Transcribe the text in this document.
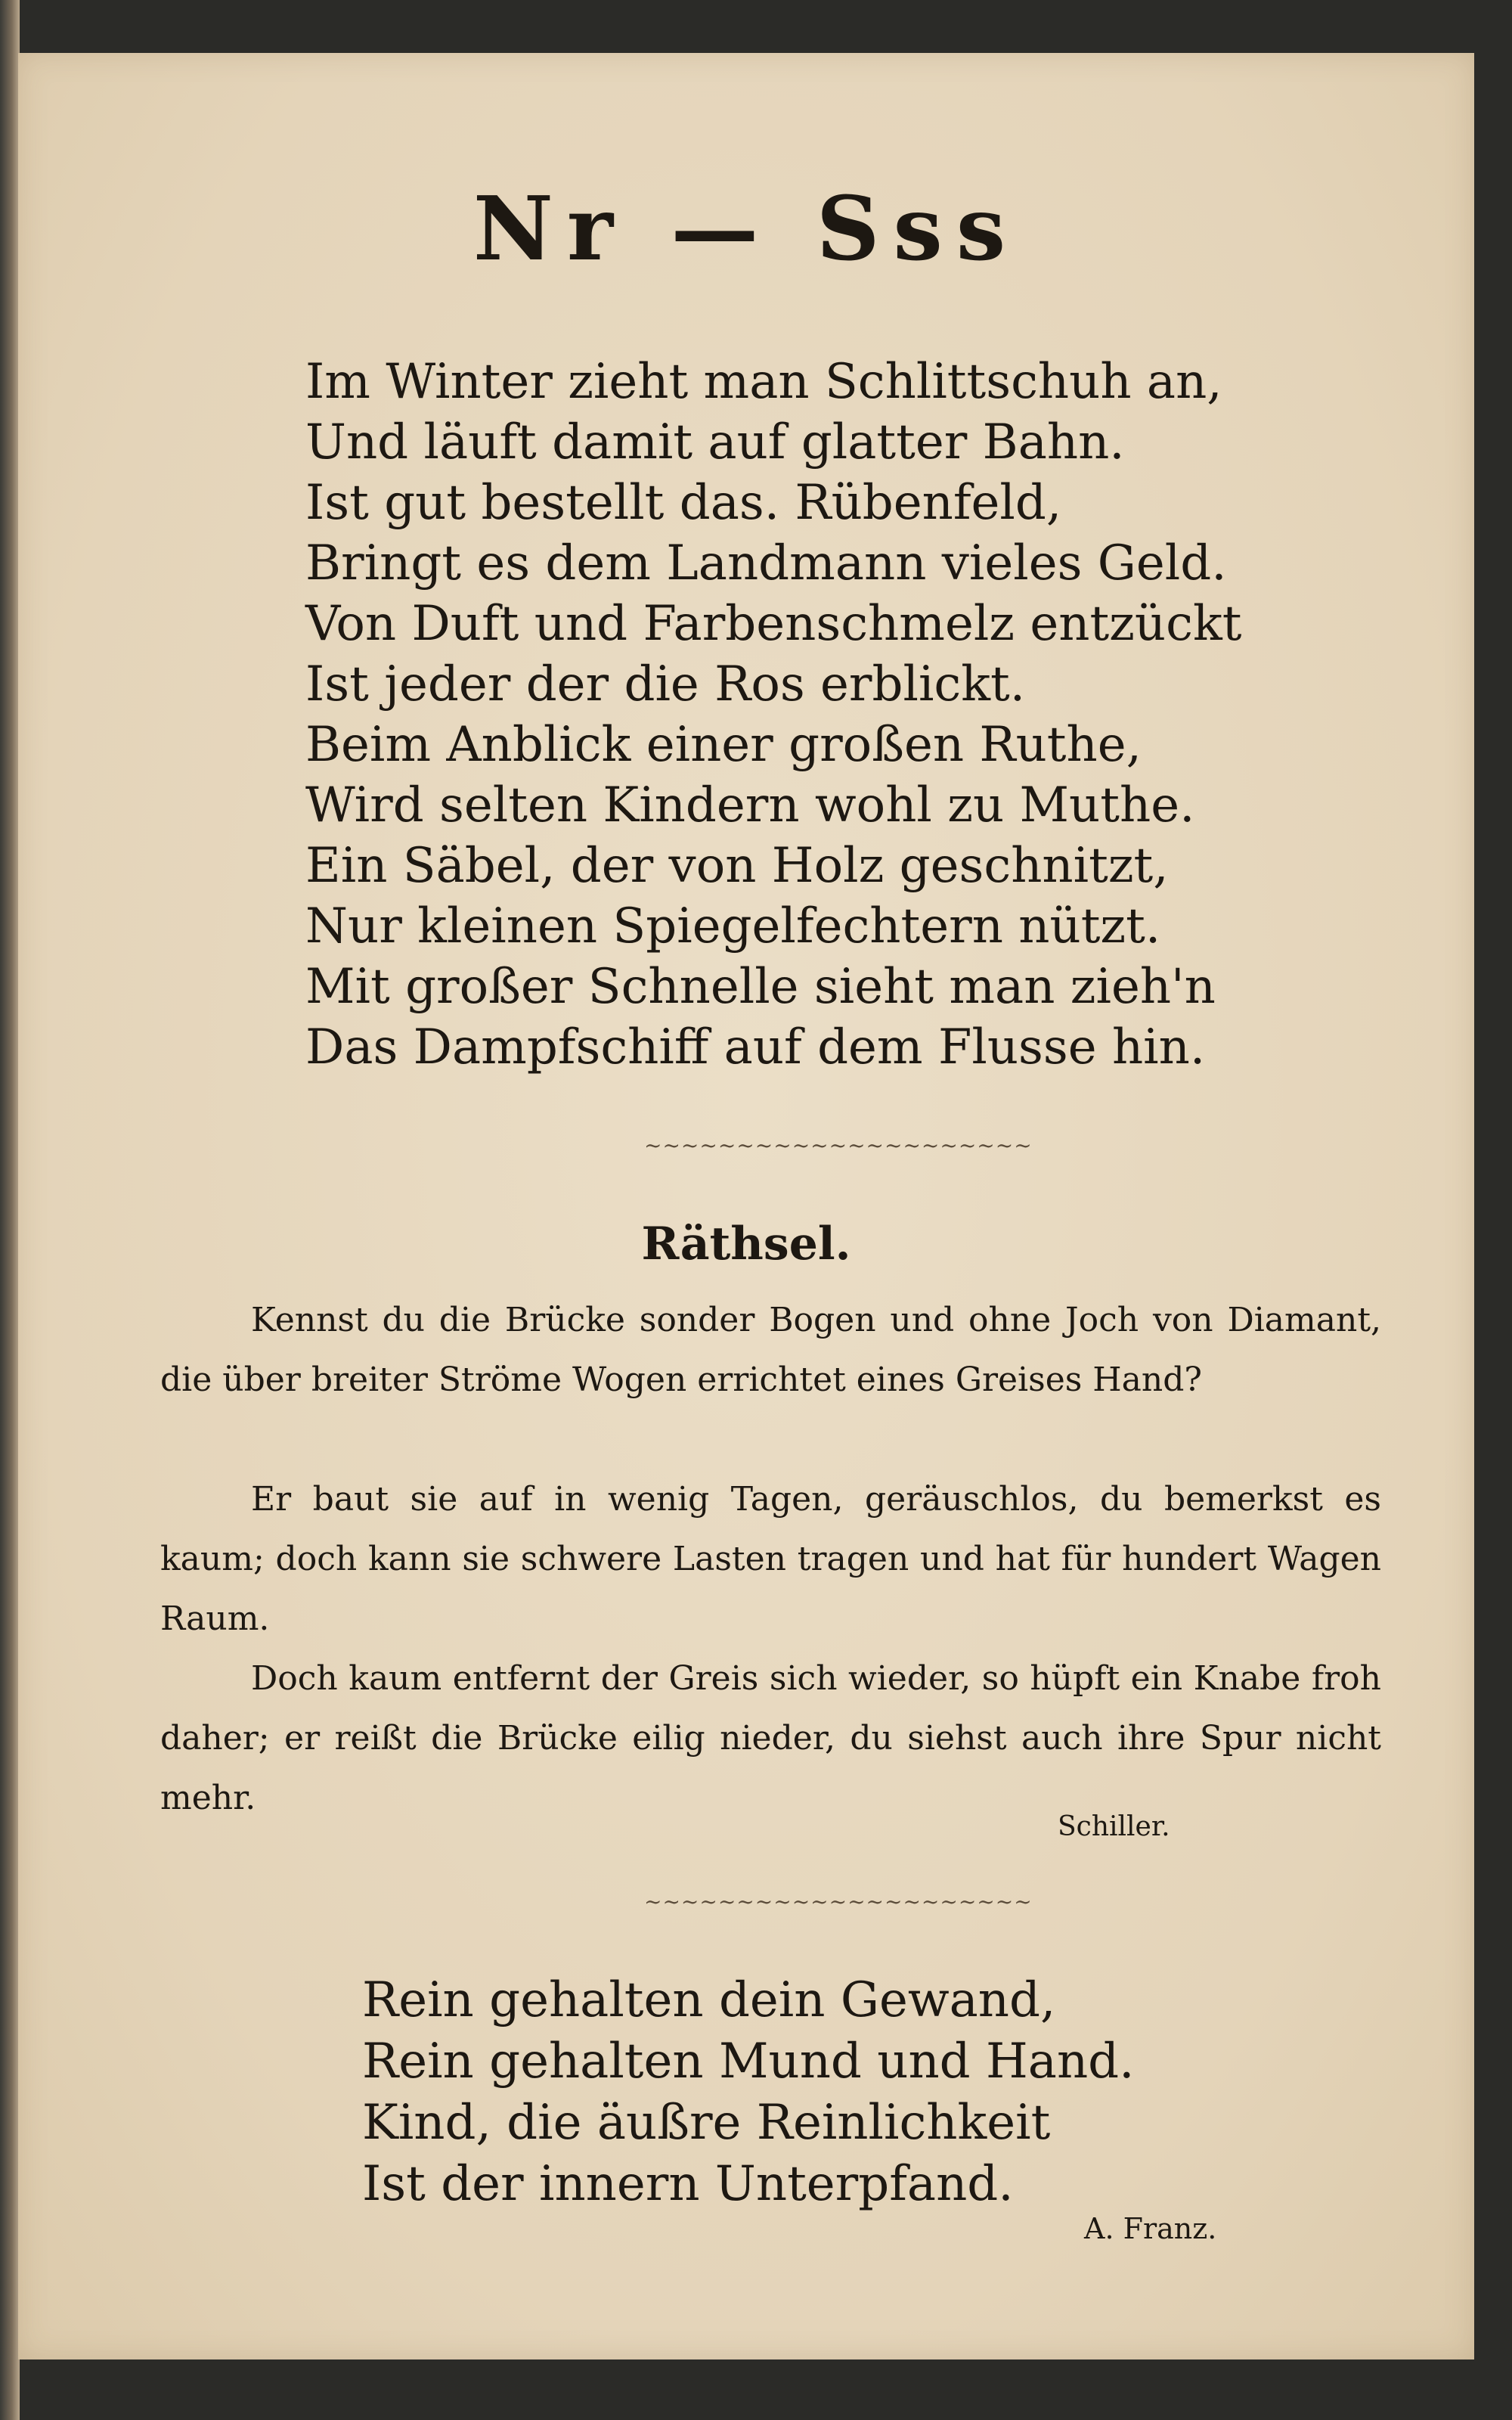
Nr — Sss
Im Winter zieht man Schlittschuh an,
Und läuft damit auf glatter Bahn.
Ist gut bestellt das. Rübenfeld,
Bringt es dem Landmann vieles Geld.
Von Duft und Farbenschmelz entzückt
Ist jeder der die Ros erblickt.
Beim Anblick einer großen Ruthe,
Wird selten Kindern wohl zu Muthe.
Ein Säbel, der von Holz geschnitzt,
Nur kleinen Spiegelfechtern nützt.
Mit großer Schnelle sieht man zieh'n
Das Dampfschiff auf dem Flusse hin.
~~~~~~~~~~~~~~~~~~~~~
Räthsel.

Kennst du die Brücke sonder Bogen und ohne Joch von Diamant, die über breiter Ströme Wogen errichtet eines Greises Hand?

Er baut sie auf in wenig Tagen, geräuschlos, du bemerkst es kaum; doch kann sie schwere Lasten tragen und hat für hundert Wagen Raum.

Doch kaum entfernt der Greis sich wieder, so hüpft ein Knabe froh daher; er reißt die Brücke eilig nieder, du siehst auch ihre Spur nicht mehr.

Schiller.
~~~~~~~~~~~~~~~~~~~~~
Rein gehalten dein Gewand,
Rein gehalten Mund und Hand.
Kind, die äußre Reinlichkeit
Ist der innern Unterpfand.
A. Franz.
